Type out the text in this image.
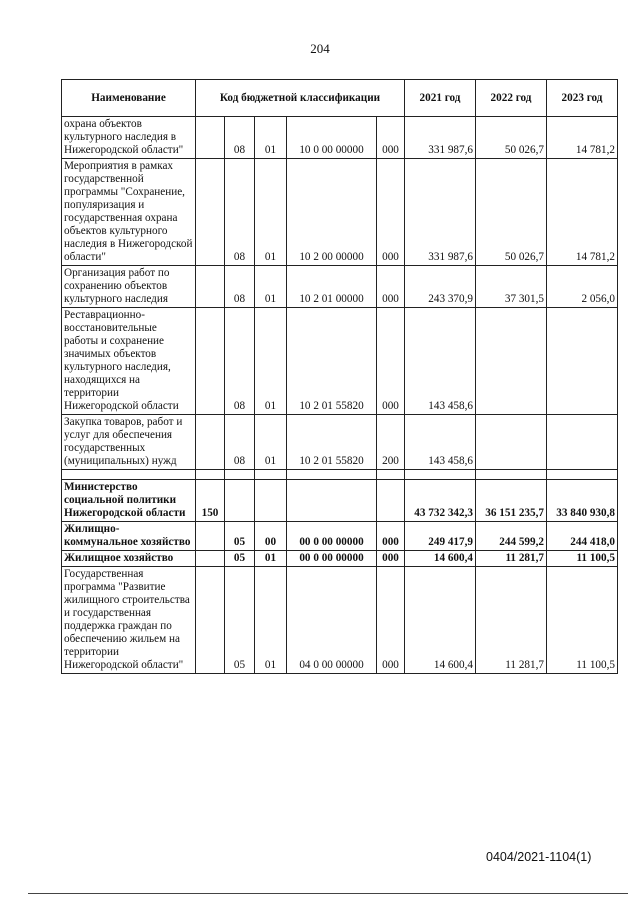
204
Наименование	Код бюджетной классификации					2021 год	2022 год	2023 год
охрана объектов культурного наследия в Нижегородской области"		08	01	10 0 00 00000	000	331 987,6	50 026,7	14 781,2
Мероприятия в рамках государственной программы "Сохранение, популяризация и государственная охрана объектов культурного наследия в Нижегородской области"		08	01	10 2 00 00000	000	331 987,6	50 026,7	14 781,2
Организация работ по сохранению объектов культурного наследия		08	01	10 2 01 00000	000	243 370,9	37 301,5	2 056,0
Реставрационно-восстановительные работы и сохранение значимых объектов культурного наследия, находящихся на территории Нижегородской области		08	01	10 2 01 55820	000	143 458,6		
Закупка товаров, работ и услуг для обеспечения государственных (муниципальных) нужд		08	01	10 2 01 55820	200	143 458,6		

Министерство социальной политики Нижегородской области	150					43 732 342,3	36 151 235,7	33 840 930,8
Жилищно-коммунальное хозяйство		05	00	00 0 00 00000	000	249 417,9	244 599,2	244 418,0
Жилищное хозяйство		05	01	00 0 00 00000	000	14 600,4	11 281,7	11 100,5
Государственная программа "Развитие жилищного строительства и государственная поддержка граждан по обеспечению жильем на территории Нижегородской области"		05	01	04 0 00 00000	000	14 600,4	11 281,7	11 100,5
0404/2021-1104(1)
